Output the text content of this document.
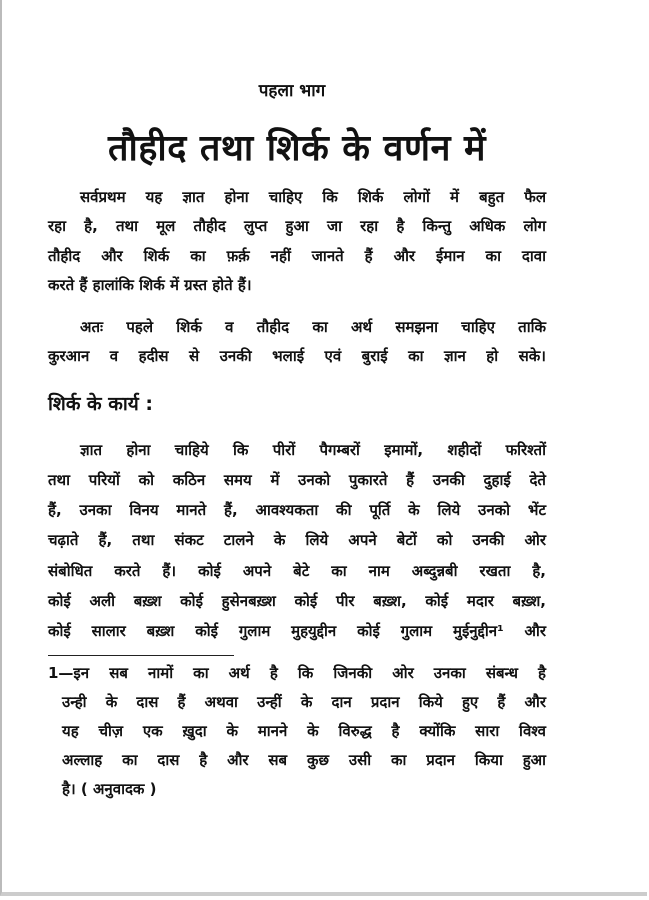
पहला भाग
तौहीद तथा शिर्क के वर्णन में
सर्वप्रथम यह ज्ञात होना चाहिए कि शिर्क लोगों में बहुत फैल
रहा है, तथा मूल तौहीद लुप्त हुआ जा रहा है किन्तु अधिक लोग
तौहीद और शिर्क का फ़र्क़ नहीं जानते हैं और ईमान का दावा
करते हैं हालांकि शिर्क में ग्रस्त होते हैं।
अतः पहले शिर्क व तौहीद का अर्थ समझना चाहिए ताकि
कुरआन व हदीस से उनकी भलाई एवं बुराई का ज्ञान हो सके।
शिर्क के कार्य :
ज्ञात होना चाहिये कि पीरों पैगम्बरों इमामों, शहीदों फरिश्तों
तथा परियों को कठिन समय में उनको पुकारते हैं उनकी दुहाई देते
हैं, उनका विनय मानते हैं, आवश्यकता की पूर्ति के लिये उनको भेंट
चढ़ाते हैं, तथा संकट टालने के लिये अपने बेटों को उनकी ओर
संबोधित करते हैं। कोई अपने बेटे का नाम अब्दुन्नबी रखता है,
कोई अली बख़्श कोई हुसेनबख़्श कोई पीर बख़्श, कोई मदार बख़्श,
कोई सालार बख़्श कोई गुलाम मुहयुद्दीन कोई गुलाम मुईनुद्दीन¹ और
1—इन सब नामों का अर्थ है कि जिनकी ओर उनका संबन्ध है
उन्ही के दास हैं अथवा उन्हीं के दान प्रदान किये हुए हैं और
यह चीज़ एक ख़ुदा के मानने के विरुद्ध है क्योंकि सारा विश्व
अल्लाह का दास है और सब कुछ उसी का प्रदान किया हुआ
है। ( अनुवादक )
